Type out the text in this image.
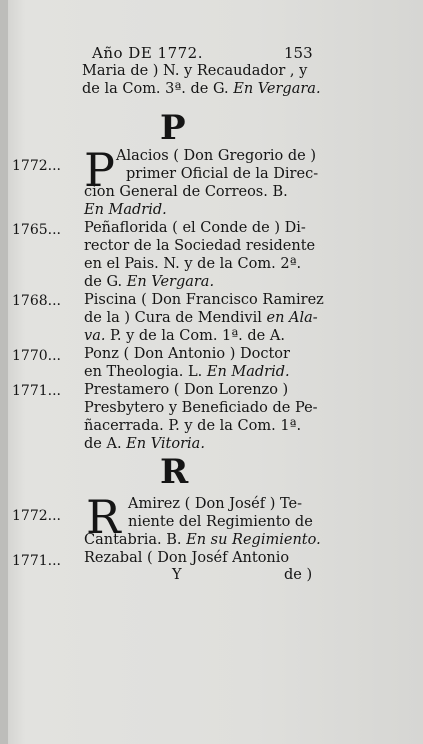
Año DE 1772.	153
Maria de ) N. y Recaudador , y
de la Com. 3ª. de G. En Vergara.
P
1772... P Alacios ( Don Gregorio de )
primer Oficial de la Direc-
cion General de Correos. B.
En Madrid.
1765... Peñaflorida ( el Conde de ) Di-
rector de la Sociedad residente
en el Pais. N. y de la Com. 2ª.
de G. En Vergara.
1768... Piscina ( Don Francisco Ramirez
de la ) Cura de Mendivil en Ala-
va. P. y de la Com. 1ª. de A.
1770... Ponz ( Don Antonio ) Doctor
en Theologia. L. En Madrid.
1771... Prestamero ( Don Lorenzo )
Presbytero y Beneficiado de Pe-
ñacerrada. P. y de la Com. 1ª.
de A. En Vitoria.
R
1772... R Amirez ( Don Joséf ) Te-
niente del Regimiento de
Cantabria. B. En su Regimiento.
1771... Rezabal ( Don Joséf Antonio
Y	de )
